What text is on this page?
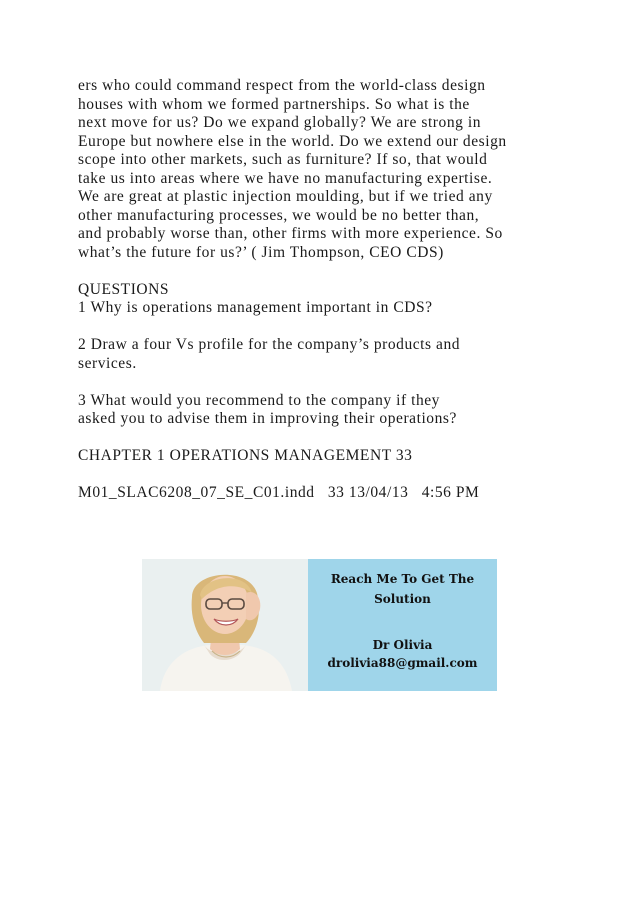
ers who could command respect from the world-class design
houses with whom we formed partnerships. So what is the
next move for us? Do we expand globally? We are strong in
Europe but nowhere else in the world. Do we extend our design
scope into other markets, such as furniture? If so, that would
take us into areas where we have no manufacturing expertise.
We are great at plastic injection moulding, but if we tried any
other manufacturing processes, we would be no better than,
and probably worse than, other firms with more experience. So
what’s the future for us?’ ( Jim Thompson, CEO CDS)
QUESTIONS
1 Why is operations management important in CDS?
2 Draw a four Vs profile for the company’s products and
services.
3 What would you recommend to the company if they
asked you to advise them in improving their operations?
CHAPTER 1 OPERATIONS MANAGEMENT 33
M01_SLAC6208_07_SE_C01.indd   33 13/04/13   4:56 PM
Reach Me To Get The
Solution
Dr Olivia
drolivia88@gmail.com
